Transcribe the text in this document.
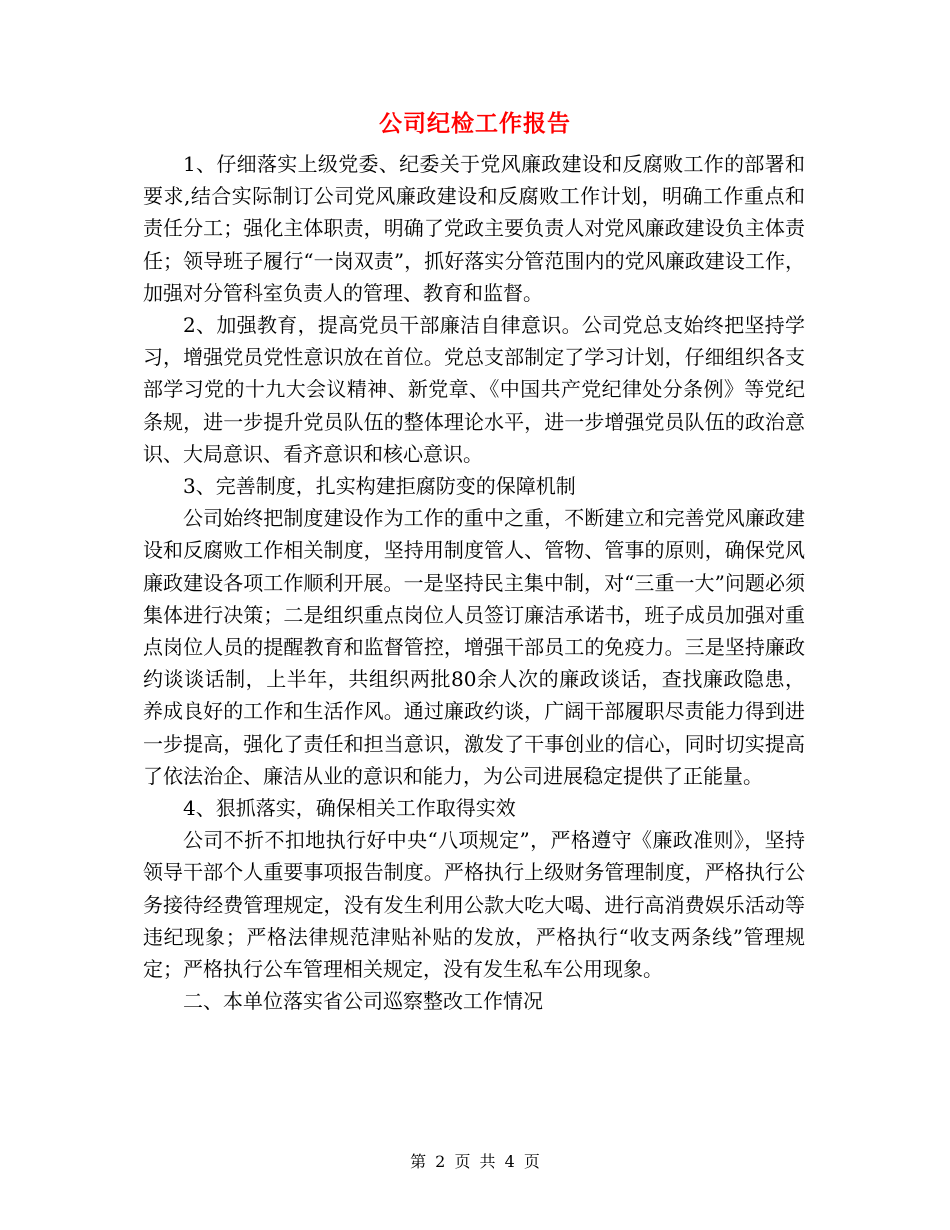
公司纪检工作报告

1、仔细落实上级党委、纪委关于党风廉政建设和反腐败工作的部署和要求,结合实际制订公司党风廉政建设和反腐败工作计划，明确工作重点和责任分工；强化主体职责，明确了党政主要负责人对党风廉政建设负主体责任；领导班子履行“一岗双责”，抓好落实分管范围内的党风廉政建设工作，加强对分管科室负责人的管理、教育和监督。

2、加强教育，提高党员干部廉洁自律意识。公司党总支始终把坚持学习，增强党员党性意识放在首位。党总支部制定了学习计划，仔细组织各支部学习党的十九大会议精神、新党章、《中国共产党纪律处分条例》等党纪条规，进一步提升党员队伍的整体理论水平，进一步增强党员队伍的政治意识、大局意识、看齐意识和核心意识。

3、完善制度，扎实构建拒腐防变的保障机制

公司始终把制度建设作为工作的重中之重，不断建立和完善党风廉政建设和反腐败工作相关制度，坚持用制度管人、管物、管事的原则，确保党风廉政建设各项工作顺利开展。一是坚持民主集中制，对“三重一大”问题必须集体进行决策；二是组织重点岗位人员签订廉洁承诺书，班子成员加强对重点岗位人员的提醒教育和监督管控，增强干部员工的免疫力。三是坚持廉政约谈谈话制，上半年，共组织两批80余人次的廉政谈话，查找廉政隐患，养成良好的工作和生活作风。通过廉政约谈，广阔干部履职尽责能力得到进一步提高，强化了责任和担当意识，激发了干事创业的信心，同时切实提高了依法治企、廉洁从业的意识和能力，为公司进展稳定提供了正能量。

4、狠抓落实，确保相关工作取得实效

公司不折不扣地执行好中央“八项规定”，严格遵守《廉政准则》，坚持领导干部个人重要事项报告制度。严格执行上级财务管理制度，严格执行公务接待经费管理规定，没有发生利用公款大吃大喝、进行高消费娱乐活动等违纪现象；严格法律规范津贴补贴的发放，严格执行“收支两条线”管理规定；严格执行公车管理相关规定，没有发生私车公用现象。

二、本单位落实省公司巡察整改工作情况

第 2 页 共 4 页
